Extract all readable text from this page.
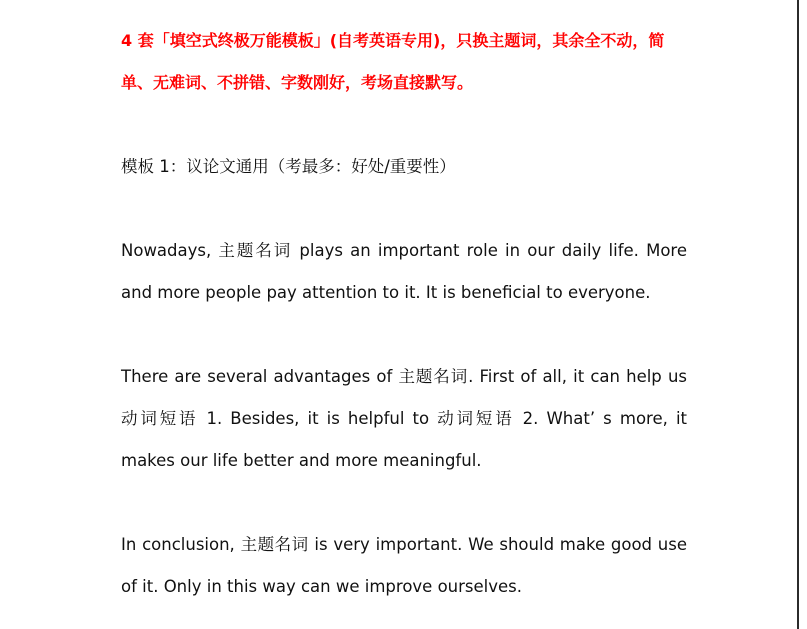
4 套「填空式终极万能模板」(自考英语专用)，只换主题词，其余全不动，简单、无难词、不拼错、字数刚好，考场直接默写。

模板 1：议论文通用（考最多：好处/重要性）

Nowadays, 主题名词 plays an important role in our daily life. More and more people pay attention to it. It is beneficial to everyone.

There are several advantages of 主题名词. First of all, it can help us 动词短语 1. Besides, it is helpful to 动词短语 2. What’ s more, it makes our life better and more meaningful.

In conclusion, 主题名词 is very important. We should make good use of it. Only in this way can we improve ourselves.
